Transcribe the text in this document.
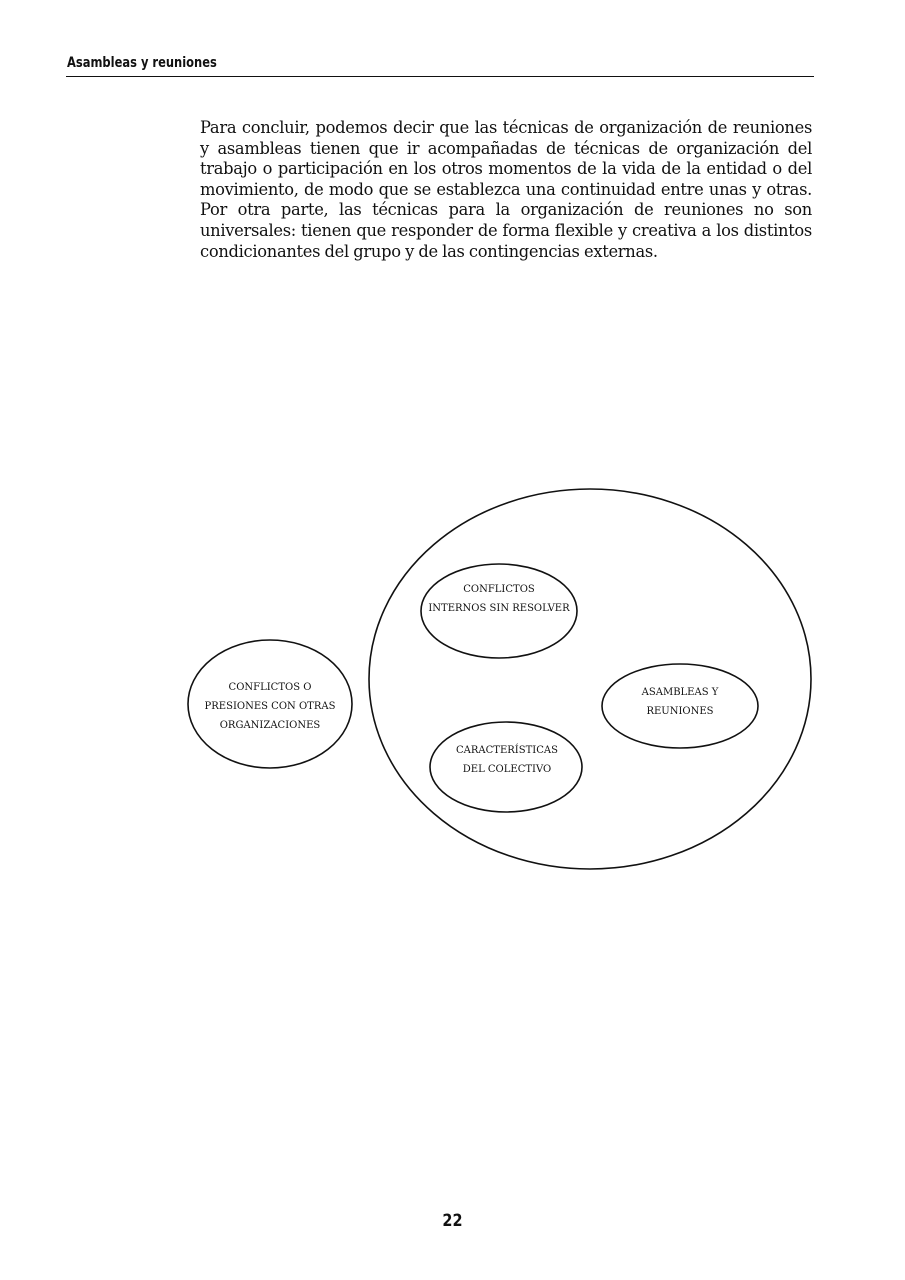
Asambleas y reuniones

Para concluir, podemos decir que las técnicas de organización de reuniones y asambleas tienen que ir acompañadas de técnicas de organización del trabajo o participación en los otros momentos de la vida de la entidad o del movimiento, de modo que se establezca una continuidad entre unas y otras. Por otra parte, las técnicas para la organización de reuniones no son universales: tienen que responder de forma flexible y creativa a los distintos condicionantes del grupo y de las contingencias externas.

CONFLICTOS
INTERNOS SIN RESOLVER
CONFLICTOS O
PRESIONES CON OTRAS
ORGANIZACIONES
ASAMBLEAS Y
REUNIONES
CARACTERÍSTICAS
DEL COLECTIVO
22
